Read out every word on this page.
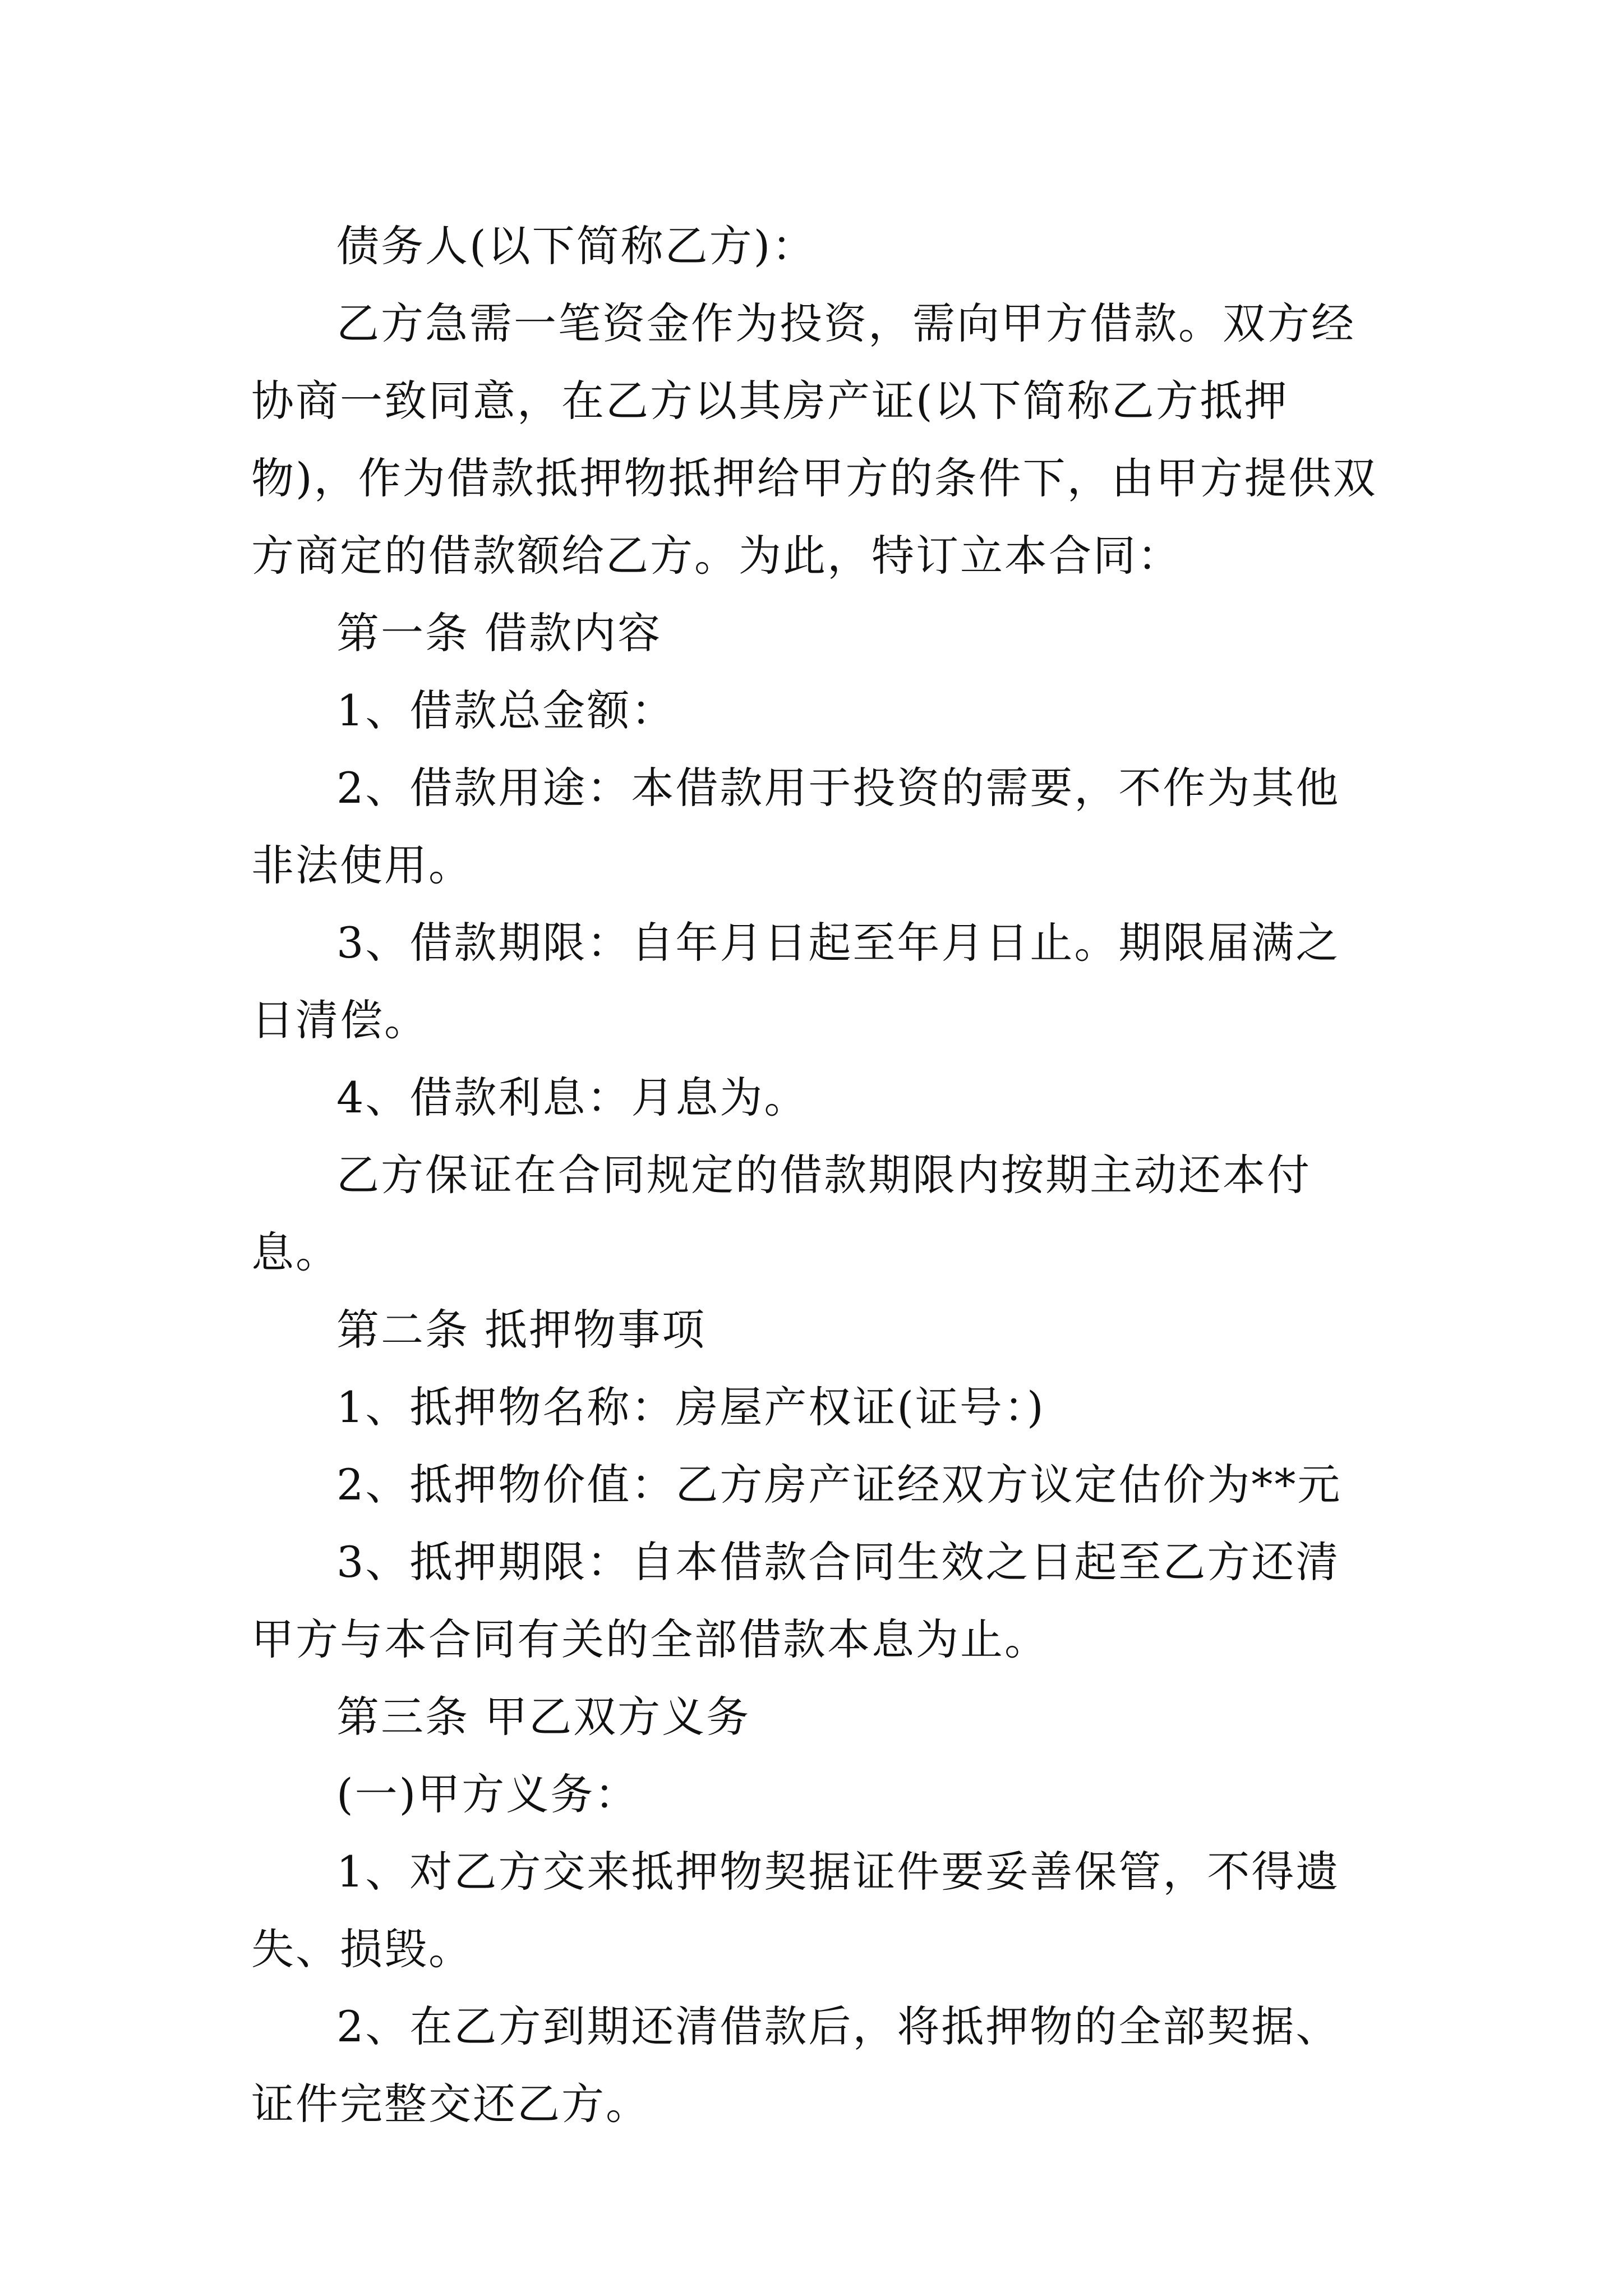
债务人(以下简称乙方)：

乙方急需一笔资金作为投资，需向甲方借款。双方经协商一致同意，在乙方以其房产证(以下简称乙方抵押物)，作为借款抵押物抵押给甲方的条件下，由甲方提供双方商定的借款额给乙方。为此，特订立本合同：

第一条 借款内容

1、借款总金额：

2、借款用途：本借款用于投资的需要，不作为其他非法使用。

3、借款期限：自年月日起至年月日止。期限届满之日清偿。

4、借款利息：月息为。

乙方保证在合同规定的借款期限内按期主动还本付息。

第二条 抵押物事项

1、抵押物名称：房屋产权证(证号：)

2、抵押物价值：乙方房产证经双方议定估价为**元

3、抵押期限：自本借款合同生效之日起至乙方还清甲方与本合同有关的全部借款本息为止。

第三条 甲乙双方义务

(一)甲方义务：

1、对乙方交来抵押物契据证件要妥善保管，不得遗失、损毁。

2、在乙方到期还清借款后，将抵押物的全部契据、证件完整交还乙方。
